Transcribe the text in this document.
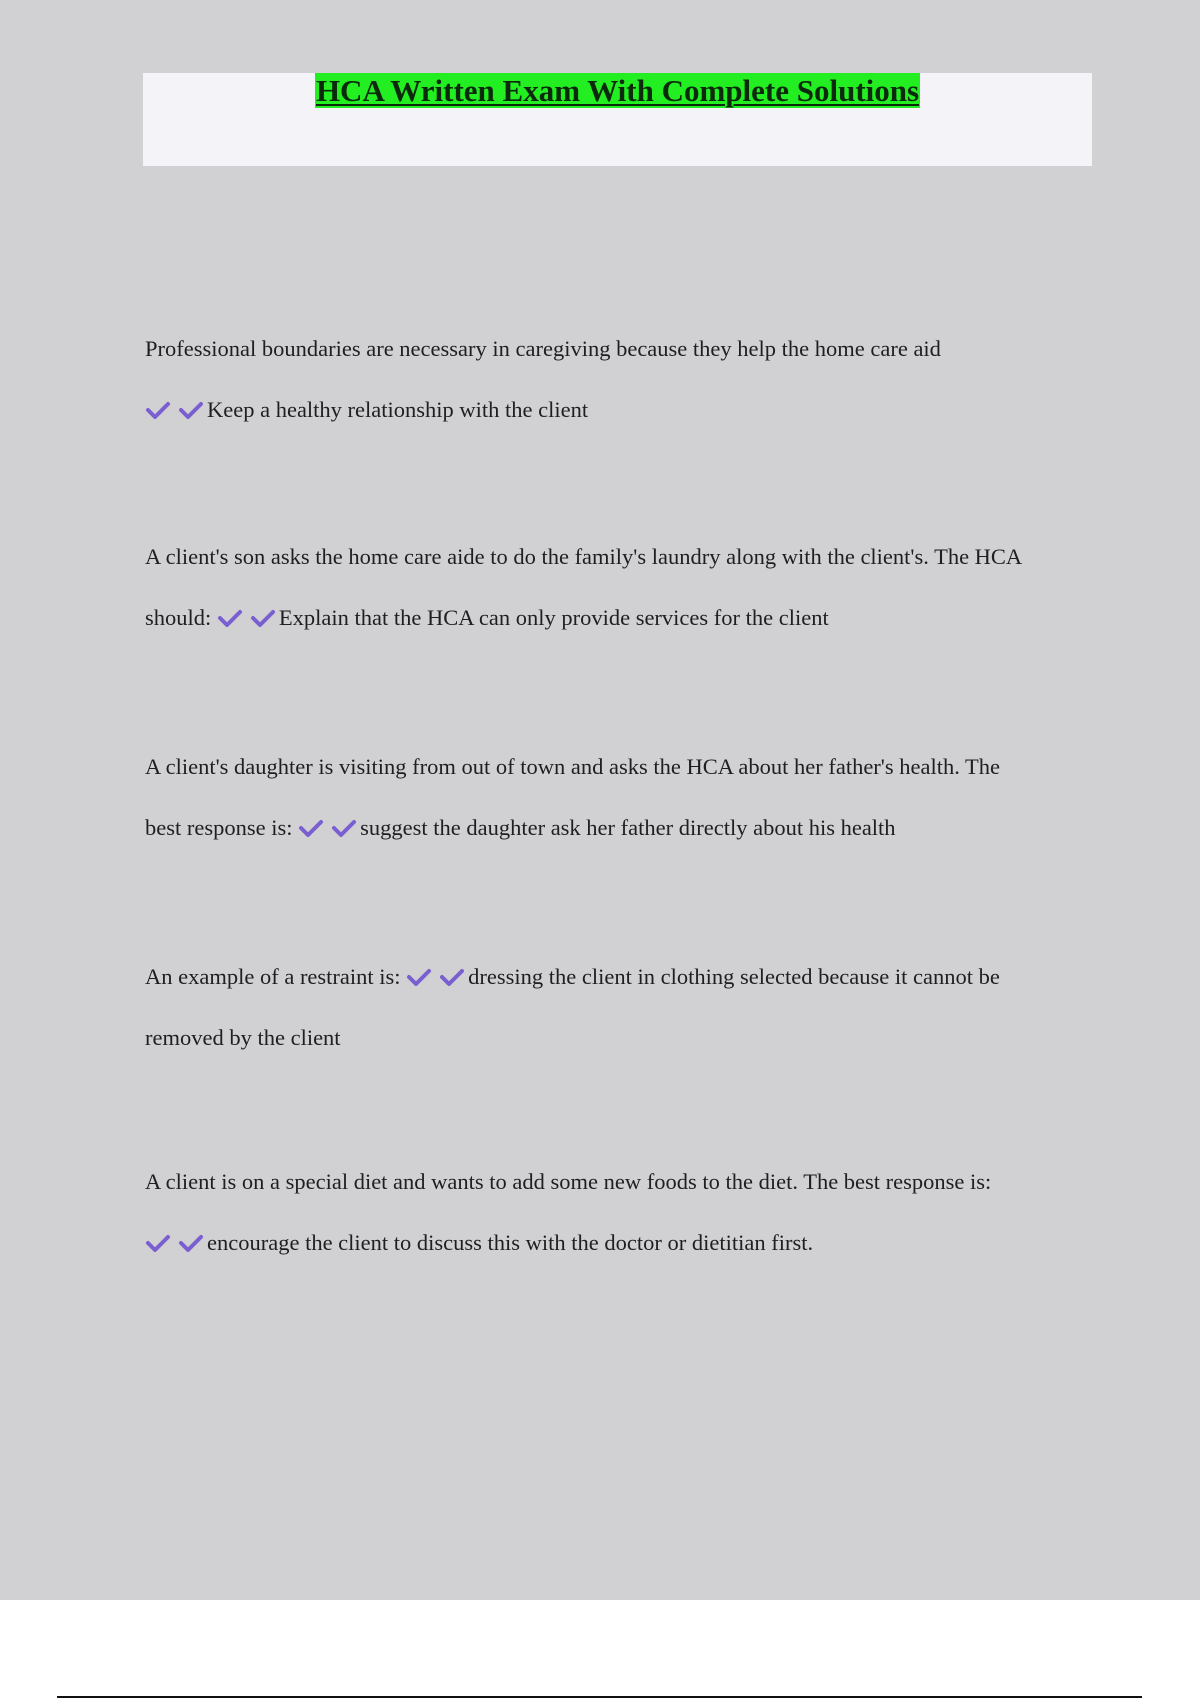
HCA Written Exam With Complete Solutions
Professional boundaries are necessary in caregiving because they help the home care aid
Keep a healthy relationship with the client
A client's son asks the home care aide to do the family's laundry along with the client's. The HCA
should:	Explain that the HCA can only provide services for the client
A client's daughter is visiting from out of town and asks the HCA about her father's health. The
best response is:	suggest the daughter ask her father directly about his health
An example of a restraint is:	dressing the client in clothing selected because it cannot be
removed by the client
A client is on a special diet and wants to add some new foods to the diet. The best response is:
encourage the client to discuss this with the doctor or dietitian first.
